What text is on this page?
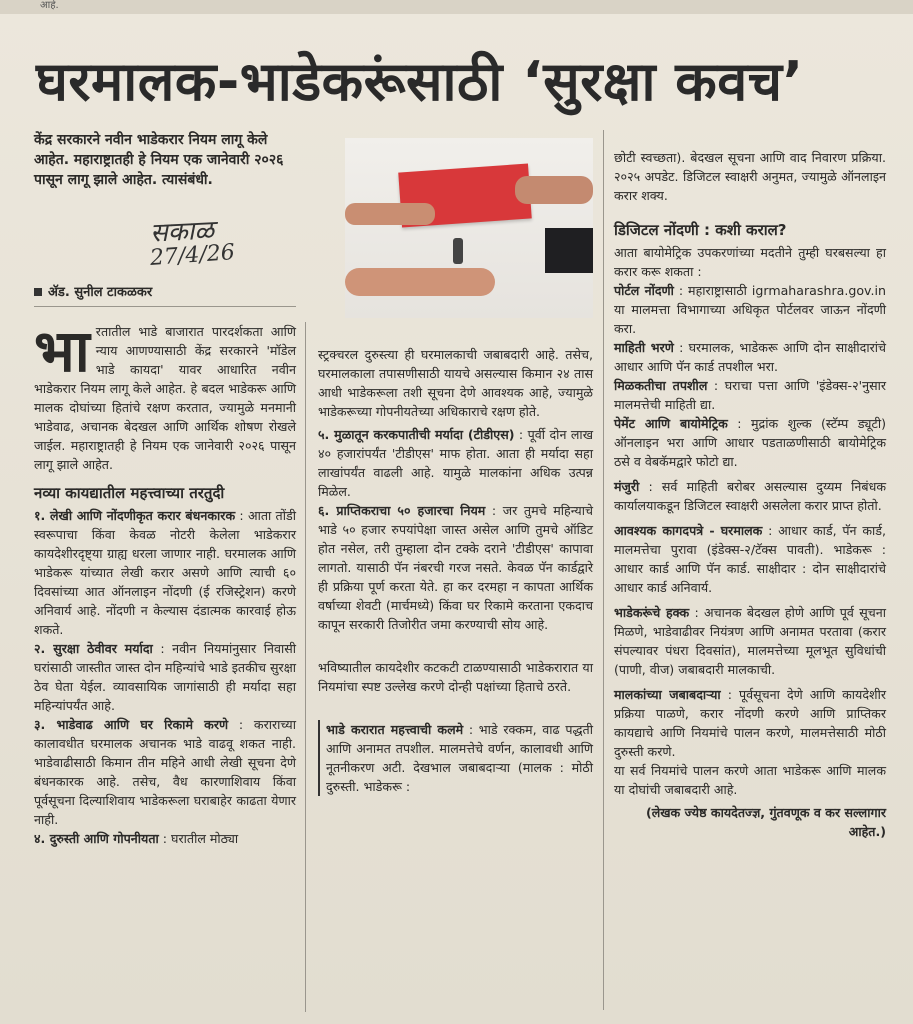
आहे.
घरमालक-भाडेकरूंसाठी ‘सुरक्षा कवच’
केंद्र सरकारने नवीन भाडेकरार नियम लागू केले आहेत. महाराष्ट्रातही हे नियम एक जानेवारी २०२६ पासून लागू झाले आहेत. त्यासंबंधी.
सकाळ
27/4/26
ॲड. सुनील टाकळकर

भारतातील भाडे बाजारात पारदर्शकता आणि न्याय आणण्यासाठी केंद्र सरकारने 'मॉडेल भाडे कायदा' यावर आधारित नवीन भाडेकरार नियम लागू केले आहेत. हे बदल भाडेकरू आणि मालक दोघांच्या हितांचे रक्षण करतात, ज्यामुळे मनमानी भाडेवाढ, अचानक बेदखल आणि आर्थिक शोषण रोखले जाईल. महाराष्ट्रातही हे नियम एक जानेवारी २०२६ पासून लागू झाले आहेत.

नव्या कायद्यातील महत्त्वाच्या तरतुदी

१. लेखी आणि नोंदणीकृत करार बंधनकारक : आता तोंडी स्वरूपाचा किंवा केवळ नोटरी केलेला भाडेकरार कायदेशीरदृष्ट्या ग्राह्य धरला जाणार नाही. घरमालक आणि भाडेकरू यांच्यात लेखी करार असणे आणि त्याची ६० दिवसांच्या आत ऑनलाइन नोंदणी (ई रजिस्ट्रेशन) करणे अनिवार्य आहे. नोंदणी न केल्यास दंडात्मक कारवाई होऊ शकते.

२. सुरक्षा ठेवीवर मर्यादा : नवीन नियमांनुसार निवासी घरांसाठी जास्तीत जास्त दोन महिन्यांचे भाडे इतकीच सुरक्षा ठेव घेता येईल. व्यावसायिक जागांसाठी ही मर्यादा सहा महिन्यांपर्यंत आहे.

३. भाडेवाढ आणि घर रिकामे करणे : कराराच्या कालावधीत घरमालक अचानक भाडे वाढवू शकत नाही. भाडेवाढीसाठी किमान तीन महिने आधी लेखी सूचना देणे बंधनकारक आहे. तसेच, वैध कारणाशिवाय किंवा पूर्वसूचना दिल्याशिवाय भाडेकरूला घराबाहेर काढता येणार नाही.

४. दुरुस्ती आणि गोपनीयता : घरातील मोठ्या

स्ट्रक्चरल दुरुस्त्या ही घरमालकाची जबाबदारी आहे. तसेच, घरमालकाला तपासणीसाठी यायचे असल्यास किमान २४ तास आधी भाडेकरूला तशी सूचना देणे आवश्यक आहे, ज्यामुळे भाडेकरूच्या गोपनीयतेच्या अधिकाराचे रक्षण होते.

५. मुळातून करकपातीची मर्यादा (टीडीएस) : पूर्वी दोन लाख ४० हजारांपर्यंत 'टीडीएस' माफ होता. आता ही मर्यादा सहा लाखांपर्यंत वाढली आहे. यामुळे मालकांना अधिक उत्पन्न मिळेल.

६. प्राप्तिकराचा ५० हजारचा नियम : जर तुमचे महिन्याचे भाडे ५० हजार रुपयांपेक्षा जास्त असेल आणि तुमचे ऑडिट होत नसेल, तरी तुम्हाला दोन टक्के दराने 'टीडीएस' कापावा लागतो. यासाठी पॅन नंबरची गरज नसते. केवळ पॅन कार्डद्वारे ही प्रक्रिया पूर्ण करता येते. हा कर दरमहा न कापता आर्थिक वर्षाच्या शेवटी (मार्चमध्ये) किंवा घर रिकामे करताना एकदाच कापून सरकारी तिजोरीत जमा करण्याची सोय आहे.

भविष्यातील कायदेशीर कटकटी टाळण्यासाठी भाडेकरारात या नियमांचा स्पष्ट उल्लेख करणे दोन्ही पक्षांच्या हिताचे ठरते.

भाडे करारात महत्त्वाची कलमे : भाडे रक्कम, वाढ पद्धती आणि अनामत तपशील. मालमत्तेचे वर्णन, कालावधी आणि नूतनीकरण अटी. देखभाल जबाबदाऱ्या (मालक : मोठी दुरुस्ती. भाडेकरू :

छोटी स्वच्छता). बेदखल सूचना आणि वाद निवारण प्रक्रिया. २०२५ अपडेट. डिजिटल स्वाक्षरी अनुमत, ज्यामुळे ऑनलाइन करार शक्य.

डिजिटल नोंदणी : कशी कराल?

आता बायोमेट्रिक उपकरणांच्या मदतीने तुम्ही घरबसल्या हा करार करू शकता :

पोर्टल नोंदणी : महाराष्ट्रासाठी igrmaharashra.gov.in या मालमत्ता विभागाच्या अधिकृत पोर्टलवर जाऊन नोंदणी करा.

माहिती भरणे : घरमालक, भाडेकरू आणि दोन साक्षीदारांचे आधार आणि पॅन कार्ड तपशील भरा.

मिळकतीचा तपशील : घराचा पत्ता आणि 'इंडेक्स-२'नुसार मालमत्तेची माहिती द्या.

पेमेंट आणि बायोमेट्रिक : मुद्रांक शुल्क (स्टॅम्प ड्यूटी) ऑनलाइन भरा आणि आधार पडताळणीसाठी बायोमेट्रिक ठसे व वेबकॅमद्वारे फोटो द्या.

मंजुरी : सर्व माहिती बरोबर असल्यास दुय्यम निबंधक कार्यालयाकडून डिजिटल स्वाक्षरी असलेला करार प्राप्त होतो.

आवश्यक कागदपत्रे - घरमालक : आधार कार्ड, पॅन कार्ड, मालमत्तेचा पुरावा (इंडेक्स-२/टॅक्स पावती). भाडेकरू : आधार कार्ड आणि पॅन कार्ड. साक्षीदार : दोन साक्षीदारांचे आधार कार्ड अनिवार्य.

भाडेकरूंचे हक्क : अचानक बेदखल होणे आणि पूर्व सूचना मिळणे, भाडेवाढीवर नियंत्रण आणि अनामत परतावा (करार संपल्यावर पंधरा दिवसांत), मालमत्तेच्या मूलभूत सुविधांची (पाणी, वीज) जबाबदारी मालकाची.

मालकांच्या जबाबदाऱ्या : पूर्वसूचना देणे आणि कायदेशीर प्रक्रिया पाळणे, करार नोंदणी करणे आणि प्राप्तिकर कायद्याचे आणि नियमांचे पालन करणे, मालमत्तेसाठी मोठी दुरुस्ती करणे.

या सर्व नियमांचे पालन करणे आता भाडेकरू आणि मालक या दोघांची जबाबदारी आहे.

(लेखक ज्येष्ठ कायदेतज्ज्ञ, गुंतवणूक व कर सल्लागार आहेत.)
